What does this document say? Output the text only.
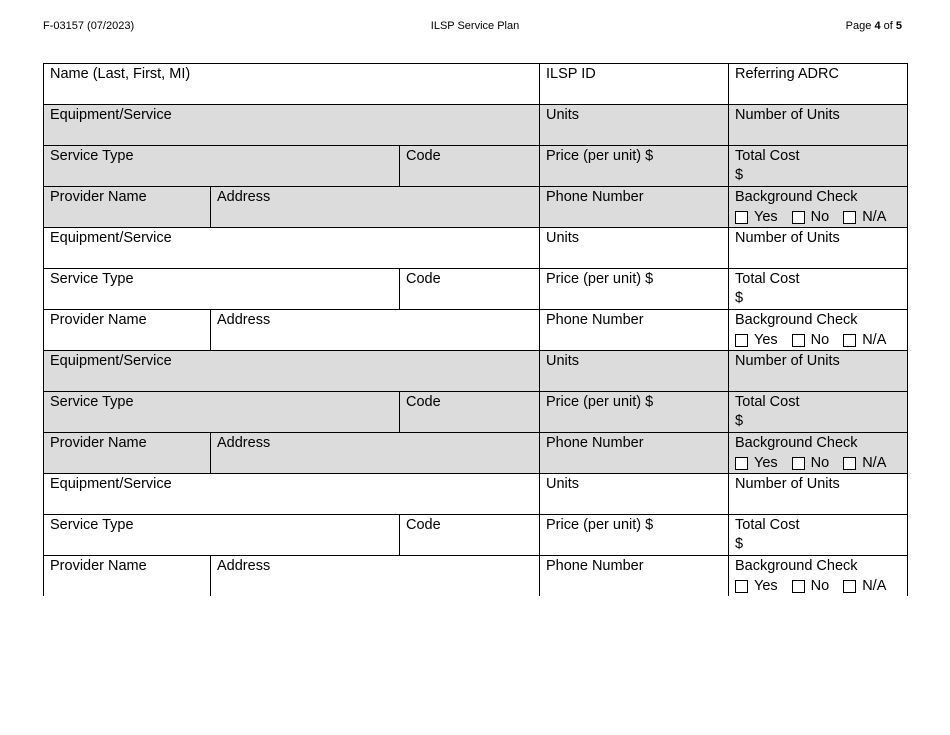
F-03157 (07/2023)	ILSP Service Plan	Page 4 of 5
Name (Last, First, MI)	ILSP ID	Referring ADRC
Equipment/Service	Units	Number of Units
Service Type	Code	Price (per unit) $	Total Cost
$
Provider Name	Address	Phone Number	Background Check
Yes No N/A
Equipment/Service	Units	Number of Units
Service Type	Code	Price (per unit) $	Total Cost
$
Provider Name	Address	Phone Number	Background Check
Yes No N/A
Equipment/Service	Units	Number of Units
Service Type	Code	Price (per unit) $	Total Cost
$
Provider Name	Address	Phone Number	Background Check
Yes No N/A
Equipment/Service	Units	Number of Units
Service Type	Code	Price (per unit) $	Total Cost
$
Provider Name	Address	Phone Number	Background Check
Yes No N/A
